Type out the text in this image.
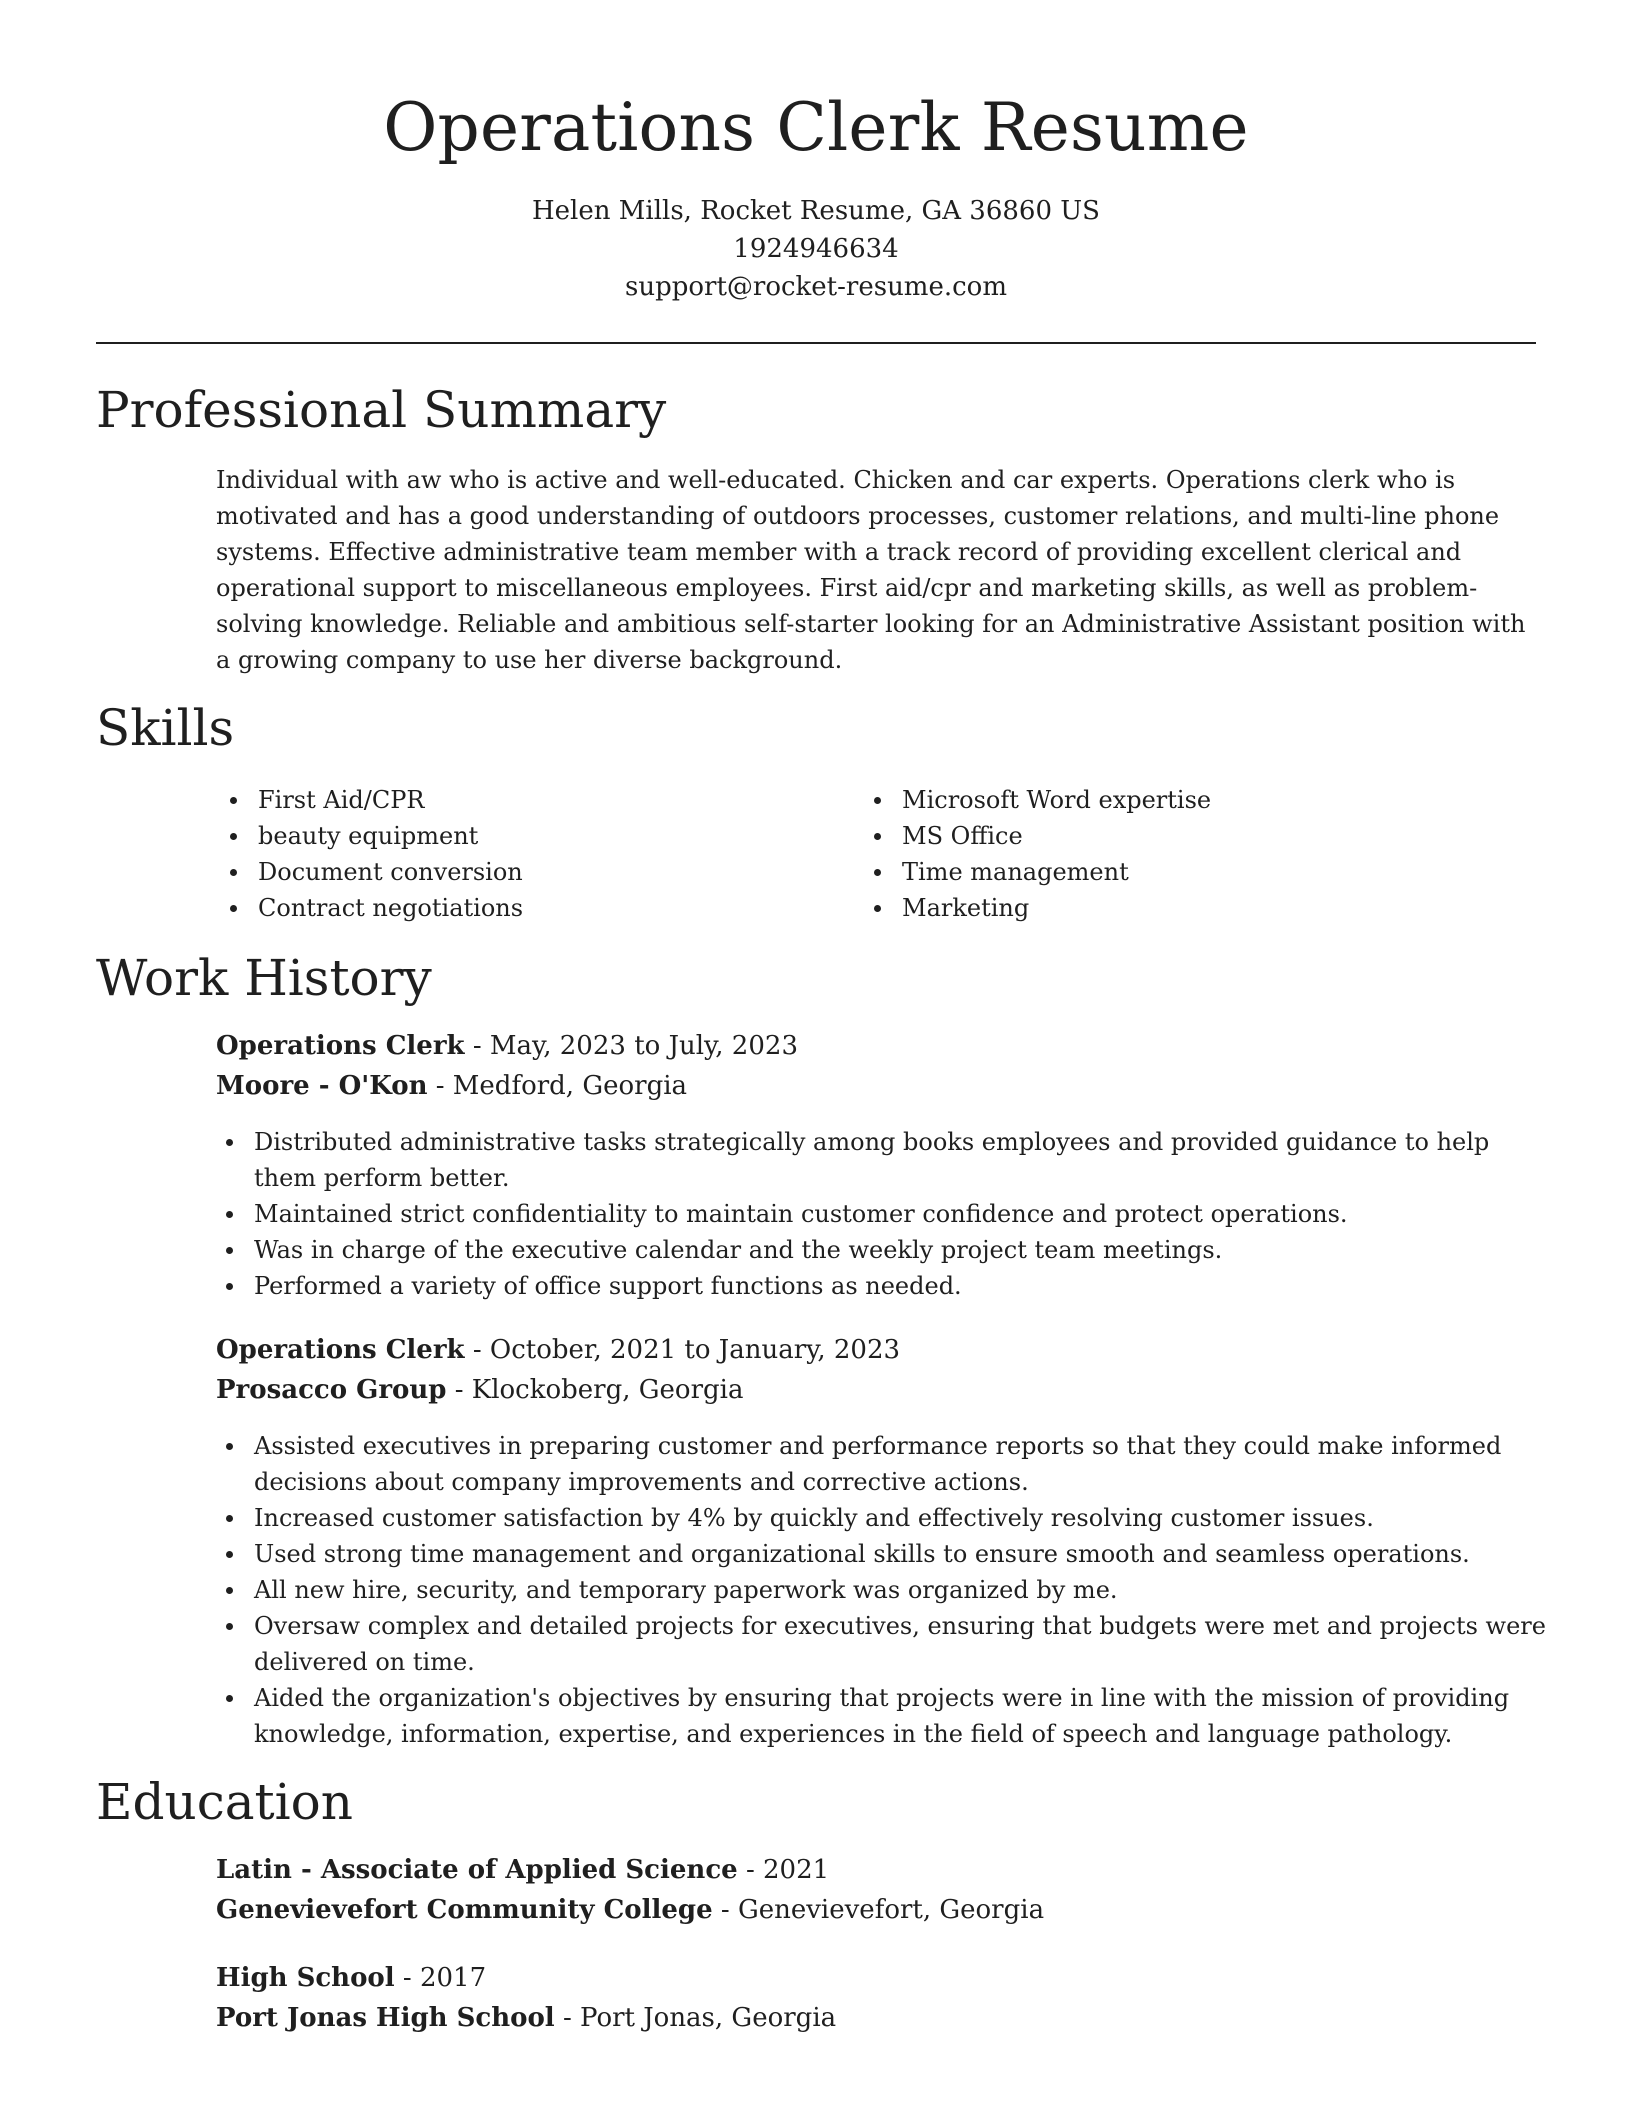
Operations Clerk Resume
Helen Mills, Rocket Resume, GA 36860 US
1924946634
support@rocket-resume.com
Professional Summary

Individual with aw who is active and well-educated. Chicken and car experts. Operations clerk who is motivated and has a good understanding of outdoors processes, customer relations, and multi-line phone systems. Effective administrative team member with a track record of providing excellent clerical and operational support to miscellaneous employees. First aid/cpr and marketing skills, as well as problem-solving knowledge. Reliable and ambitious self-starter looking for an Administrative Assistant position with a growing company to use her diverse background.

Skills
First Aid/CPR
beauty equipment
Document conversion
Contract negotiations
Microsoft Word expertise
MS Office
Time management
Marketing
Work History
Operations Clerk - May, 2023 to July, 2023
Moore - O'Kon - Medford, Georgia
Distributed administrative tasks strategically among books employees and provided guidance to help them perform better.
Maintained strict confidentiality to maintain customer confidence and protect operations.
Was in charge of the executive calendar and the weekly project team meetings.
Performed a variety of office support functions as needed.
Operations Clerk - October, 2021 to January, 2023
Prosacco Group - Klockoberg, Georgia
Assisted executives in preparing customer and performance reports so that they could make informed decisions about company improvements and corrective actions.
Increased customer satisfaction by 4% by quickly and effectively resolving customer issues.
Used strong time management and organizational skills to ensure smooth and seamless operations.
All new hire, security, and temporary paperwork was organized by me.
Oversaw complex and detailed projects for executives, ensuring that budgets were met and projects were delivered on time.
Aided the organization's objectives by ensuring that projects were in line with the mission of providing knowledge, information, expertise, and experiences in the field of speech and language pathology.
Education
Latin - Associate of Applied Science - 2021
Genevievefort Community College - Genevievefort, Georgia
High School - 2017
Port Jonas High School - Port Jonas, Georgia
